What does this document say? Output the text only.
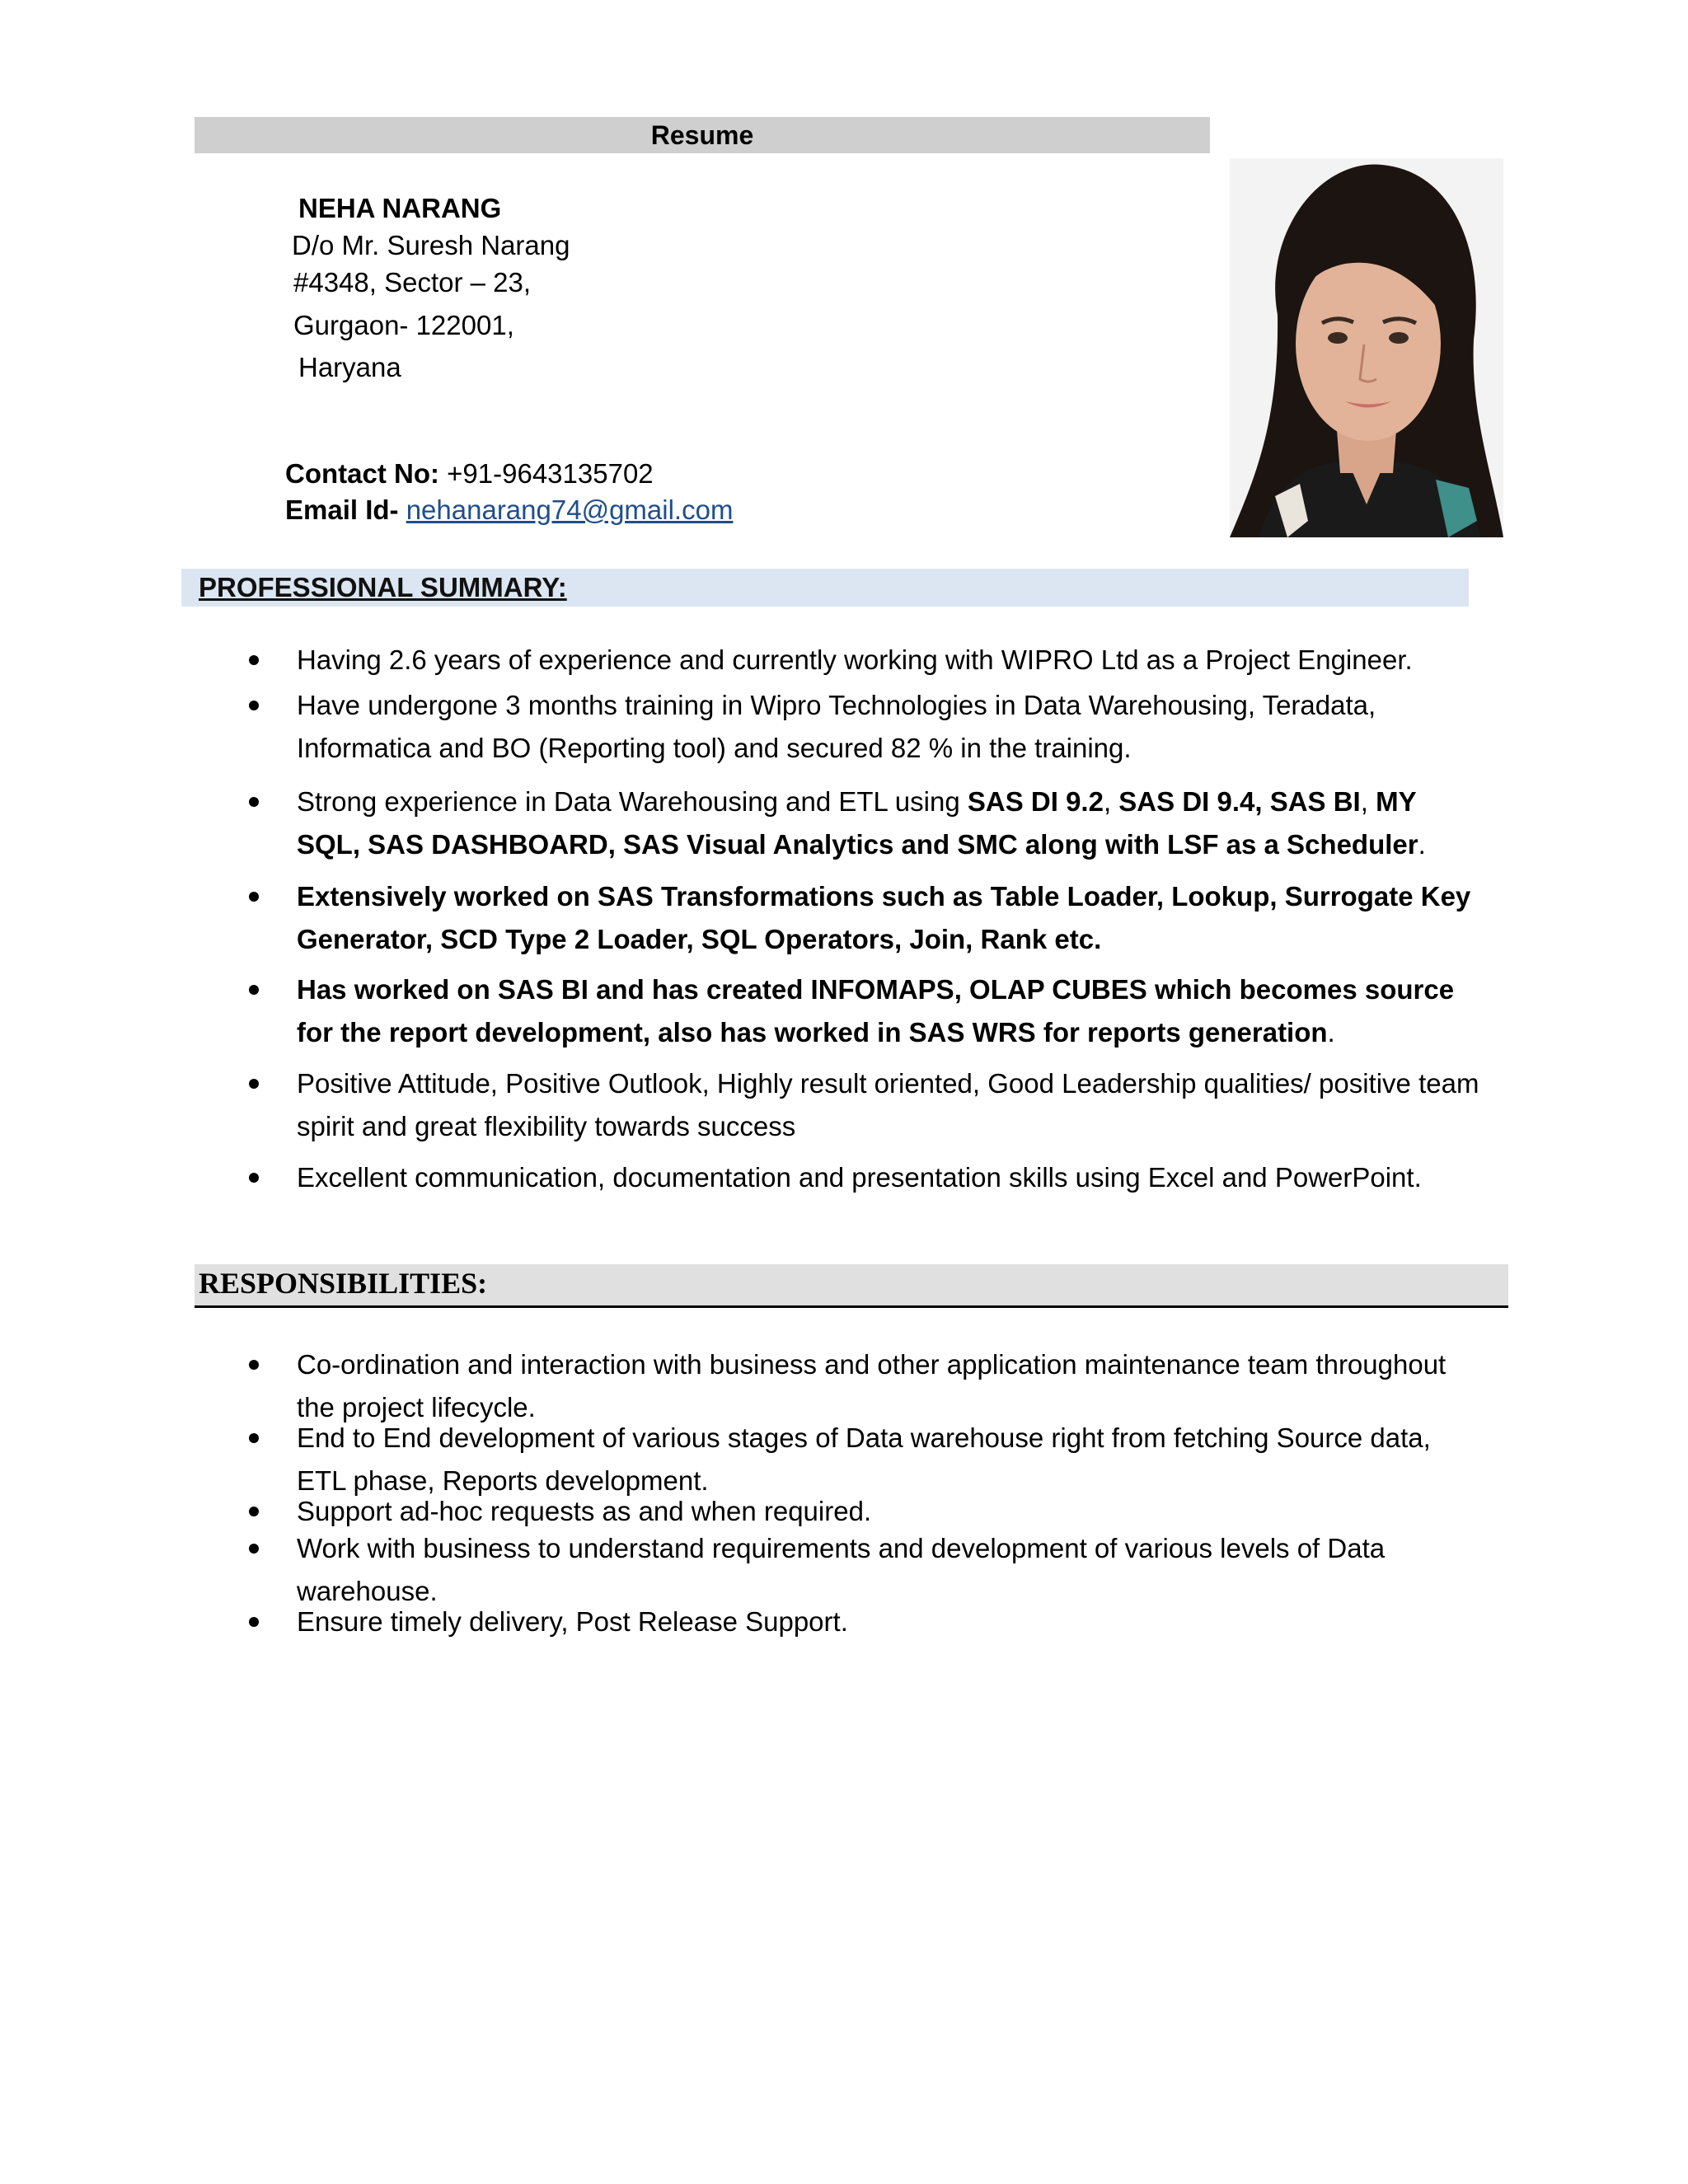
Resume
NEHA NARANG
D/o Mr. Suresh Narang
#4348, Sector – 23,
Gurgaon- 122001,
Haryana
Contact No: +91-9643135702
Email Id- nehanarang74@gmail.com
PROFESSIONAL SUMMARY:
Having 2.6 years of experience and currently working with WIPRO Ltd as a Project Engineer.
Have undergone 3 months training in Wipro Technologies in Data Warehousing, Teradata, Informatica and BO (Reporting tool) and secured 82 % in the training.
Strong experience in Data Warehousing and ETL using SAS DI 9.2, SAS DI 9.4, SAS BI, MY SQL, SAS DASHBOARD, SAS Visual Analytics and SMC along with LSF as a Scheduler.
Extensively worked on SAS Transformations such as Table Loader, Lookup, Surrogate Key Generator, SCD Type 2 Loader, SQL Operators, Join, Rank etc.
Has worked on SAS BI and has created INFOMAPS, OLAP CUBES which becomes source for the report development, also has worked in SAS WRS for reports generation.
Positive Attitude, Positive Outlook, Highly result oriented, Good Leadership qualities/ positive team spirit and great flexibility towards success
Excellent communication, documentation and presentation skills using Excel and PowerPoint.
RESPONSIBILITIES:
Co-ordination and interaction with business and other application maintenance team throughout the project lifecycle.
End to End development of various stages of Data warehouse right from fetching Source data, ETL phase, Reports development.
Support ad-hoc requests as and when required.
Work with business to understand requirements and development of various levels of Data warehouse.
Ensure timely delivery, Post Release Support.
